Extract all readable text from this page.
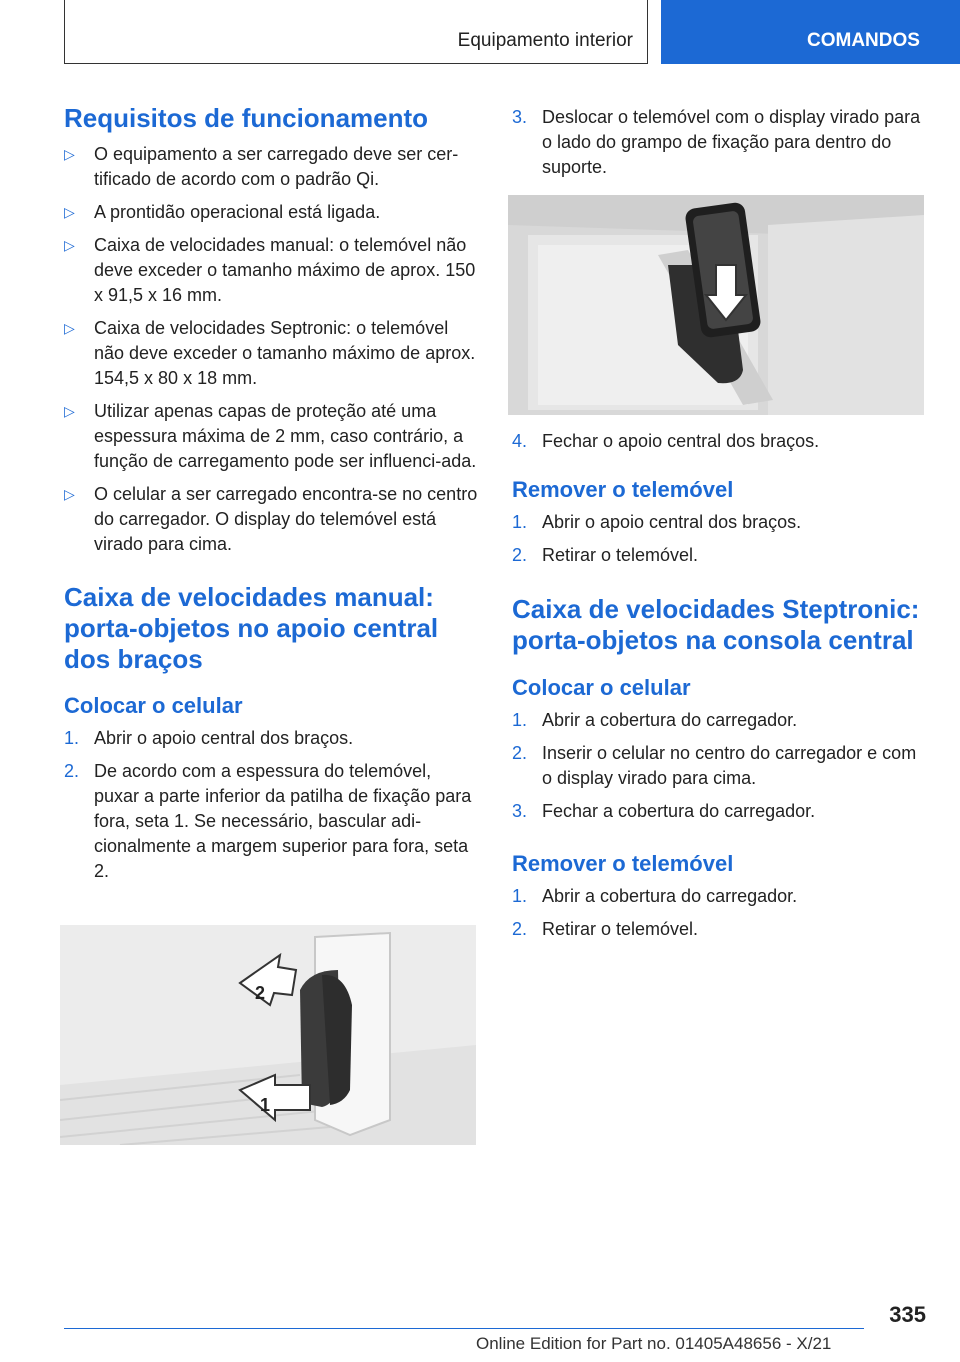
Equipamento interior	COMANDOS
Requisitos de funcionamento
▷ O equipamento a ser carregado deve ser cer-tificado de acordo com o padrão Qi.
▷ A prontidão operacional está ligada.
▷ Caixa de velocidades manual: o telemóvel não deve exceder o tamanho máximo de aprox. 150 x 91,5 x 16 mm.
▷ Caixa de velocidades Septronic: o telemóvel não deve exceder o tamanho máximo de aprox. 154,5 x 80 x 18 mm.
▷ Utilizar apenas capas de proteção até uma espessura máxima de 2 mm, caso contrário, a função de carregamento pode ser influenci-ada.
▷ O celular a ser carregado encontra-se no centro do carregador. O display do telemóvel está virado para cima.
Caixa de velocidades manual: porta-objetos no apoio central dos braços
Colocar o celular
1. Abrir o apoio central dos braços.
2. De acordo com a espessura do telemóvel, puxar a parte inferior da patilha de fixação para fora, seta 1. Se necessário, bascular adi-cionalmente a margem superior para fora, seta 2.
2
1
3. Deslocar o telemóvel com o display virado para o lado do grampo de fixação para dentro do suporte.
4. Fechar o apoio central dos braços.
Remover o telemóvel
1. Abrir o apoio central dos braços.
2. Retirar o telemóvel.
Caixa de velocidades Steptronic: porta-objetos na consola central
Colocar o celular
1. Abrir a cobertura do carregador.
2. Inserir o celular no centro do carregador e com o display virado para cima.
3. Fechar a cobertura do carregador.
Remover o telemóvel
1. Abrir a cobertura do carregador.
2. Retirar o telemóvel.
335
Online Edition for Part no. 01405A48656 - X/21
